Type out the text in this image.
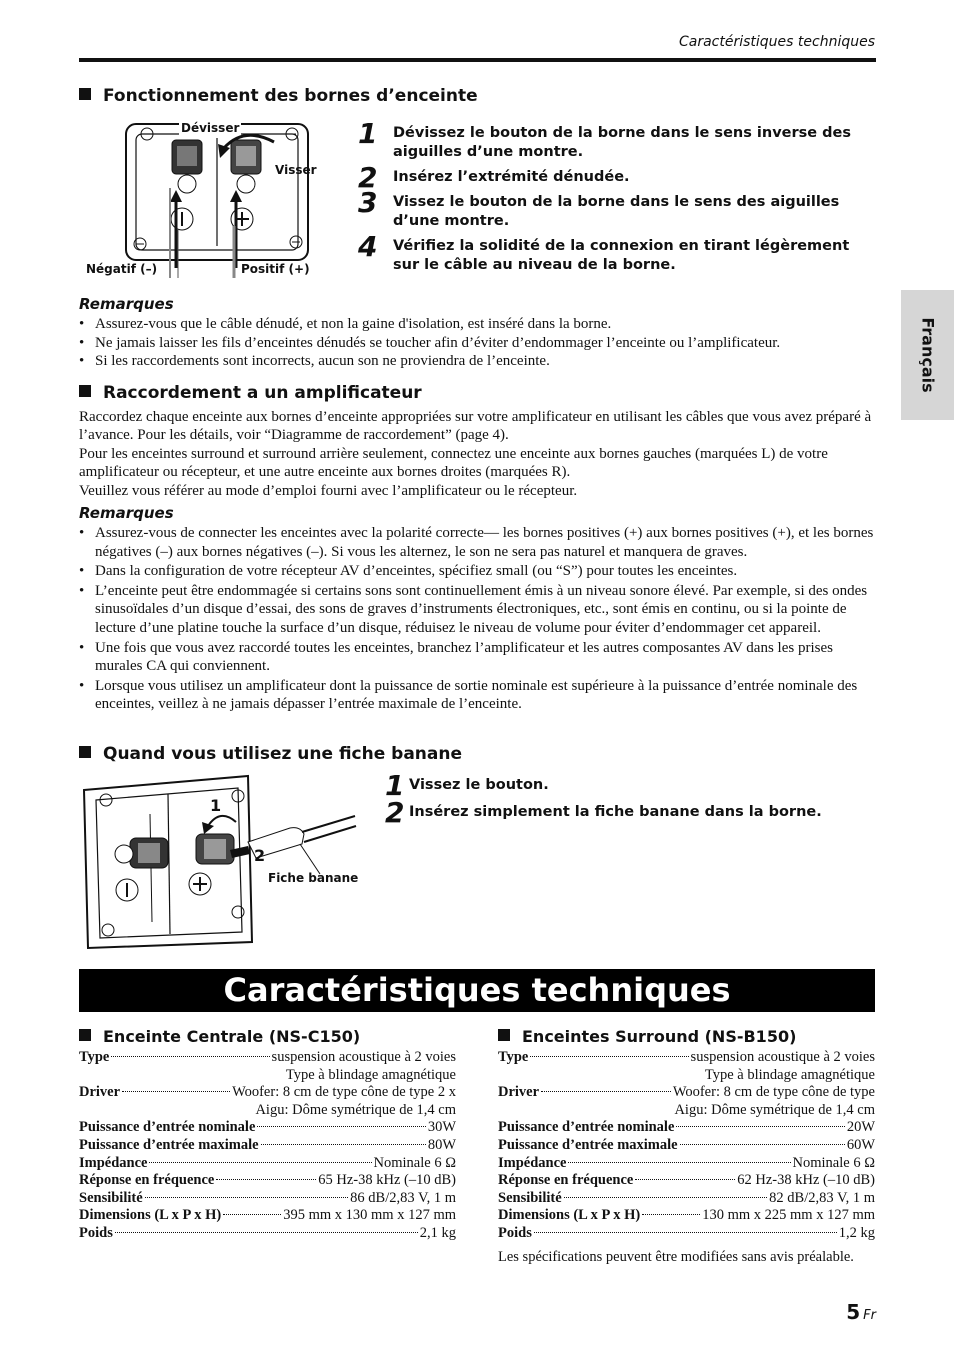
Caractéristiques techniques
Français
Fonctionnement des bornes d’enceinte
Dévisser
Visser
Négatif (–)	Positif (+)
1 Dévissez le bouton de la borne dans le sens inverse des aiguilles d’une montre.
2 Insérez l’extrémité dénudée.
3 Vissez le bouton de la borne dans le sens des aiguilles d’une montre.
4 Vérifiez la solidité de la connexion en tirant légèrement sur le câble au niveau de la borne.
Remarques
• Assurez-vous que le câble dénudé, et non la gaine d'isolation, est inséré dans la borne.
• Ne jamais laisser les fils d’enceintes dénudés se toucher afin d’éviter d’endommager l’enceinte ou l’amplificateur.
• Si les raccordements sont incorrects, aucun son ne proviendra de l’enceinte.
Raccordement a un amplificateur
Raccordez chaque enceinte aux bornes d’enceinte appropriées sur votre amplificateur en utilisant les câbles que vous avez préparé à l’avance. Pour les détails, voir “Diagramme de raccordement” (page 4).
Pour les enceintes surround et surround arrière seulement, connectez une enceinte aux bornes gauches (marquées L) de votre amplificateur ou récepteur, et une autre enceinte aux bornes droites (marquées R).
Veuillez vous référer au mode d’emploi fourni avec l’amplificateur ou le récepteur.
Remarques
• Assurez-vous de connecter les enceintes avec la polarité correcte— les bornes positives (+) aux bornes positives (+), et les bornes négatives (–) aux bornes négatives (–). Si vous les alternez, le son ne sera pas naturel et manquera de graves.
• Dans la configuration de votre récepteur AV d’enceintes, spécifiez small (ou “S”) pour toutes les enceintes.
• L’enceinte peut être endommagée si certains sons sont continuellement émis à un niveau sonore élevé. Par exemple, si des ondes sinusoïdales d’un disque d’essai, des sons de graves d’instruments électroniques, etc., sont émis en continu, ou si la pointe de lecture d’une platine touche la surface d’un disque, réduisez le niveau de volume pour éviter d’endommager cet appareil.
• Une fois que vous avez raccordé toutes les enceintes, branchez l’amplificateur et les autres composantes AV dans les prises murales CA qui conviennent.
• Lorsque vous utilisez un amplificateur dont la puissance de sortie nominale est supérieure à la puissance d’entrée nominale des enceintes, veillez à ne jamais dépasser l’entrée maximale de l’enceinte.
Quand vous utilisez une fiche banane
1
2
Fiche banane
1 Vissez le bouton.
2 Insérez simplement la fiche banane dans la borne.
Caractéristiques techniques
Enceinte Centrale (NS-C150)
Type	suspension acoustique à 2 voies
Type à blindage amagnétique
Driver	Woofer: 8 cm de type cône de type 2 x
Aigu: Dôme symétrique de 1,4 cm
Puissance d’entrée nominale	30W
Puissance d’entrée maximale	80W
Impédance	Nominale 6 Ω
Réponse en fréquence	65 Hz-38 kHz (–10 dB)
Sensibilité	86 dB/2,83 V, 1 m
Dimensions (L x P x H)	395 mm x 130 mm x 127 mm
Poids	2,1 kg
Enceintes Surround (NS-B150)
Type	suspension acoustique à 2 voies
Type à blindage amagnétique
Driver	Woofer: 8 cm de type cône de type
Aigu: Dôme symétrique de 1,4 cm
Puissance d’entrée nominale	20W
Puissance d’entrée maximale	60W
Impédance	Nominale 6 Ω
Réponse en fréquence	62 Hz-38 kHz (–10 dB)
Sensibilité	82 dB/2,83 V, 1 m
Dimensions (L x P x H)	130 mm x 225 mm x 127 mm
Poids	1,2 kg
Les spécifications peuvent être modifiées sans avis préalable.
5 Fr
